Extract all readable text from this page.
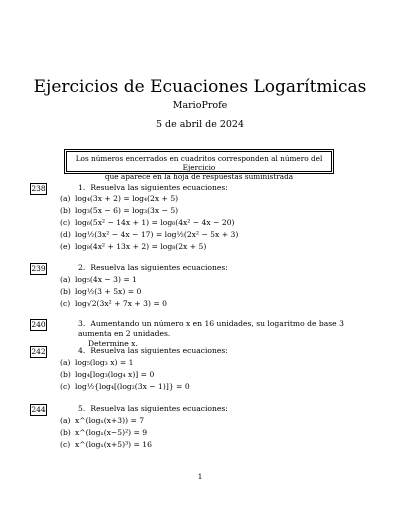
Ejercicios de Ecuaciones Logarítmicas
MarioProfe
5 de abril de 2024
Los números encerrados en cuadritos corresponden al número del Ejercicio
que aparece en la hoja de respuestas suministrada
238	1. Resuelva las siguientes ecuaciones:
(a) log₄(3x + 2) = log₄(2x + 5)
(b) log₃(5x − 6) = log₃(3x − 5)
(c) log₆(5x² − 14x + 1) = log₆(4x² − 4x − 20)
(d) log½(3x² − 4x − 17) = log½(2x² − 5x + 3)
(e) log₈(4x² + 13x + 2) = log₈(2x + 5)
239	2. Resuelva las siguientes ecuaciones:
(a) log₅(4x − 3) = 1
(b) log½(3 + 5x) = 0
(c) log√2(3x² + 7x + 3) = 0
240	3. Aumentando un número x en 16 unidades, su logaritmo de base 3 aumenta en 2 unidades.
Determine x.
242	4. Resuelva las siguientes ecuaciones:
(a) log₅(log₃ x) = 1
(b) log₄[log₃(log₄ x)] = 0
(c) log½{log₄[(log₂(3x − 1)]} = 0
244	5. Resuelva las siguientes ecuaciones:
(a) x^(logₓ(x+3)) = 7
(b) x^(logₓ(x−5)²) = 9
(c) x^(logₓ(x+5)³) = 16
1
